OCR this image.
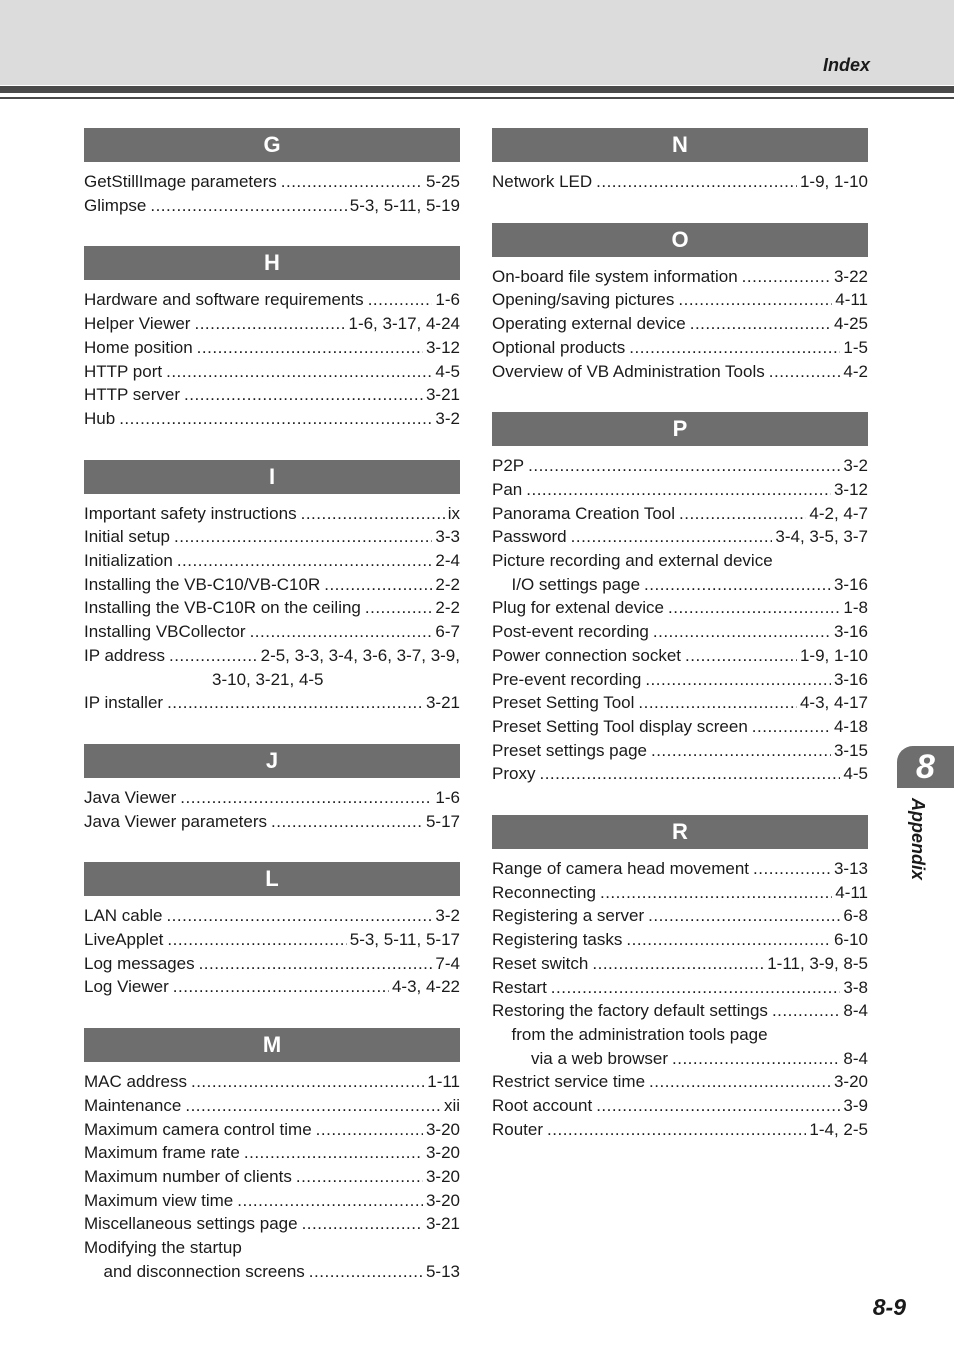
Index
G
GetStillImage parameters .....	5-25
Glimpse .....	5-3, 5-11, 5-19
H
Hardware and software requirements .....	1-6
Helper Viewer .....	1-6, 3-17, 4-24
Home position .....	3-12
HTTP port .....	4-5
HTTP server .....	3-21
Hub .....	3-2
I
Important safety instructions .....	ix
Initial setup .....	3-3
Initialization .....	2-4
Installing the VB-C10/VB-C10R .....	2-2
Installing the VB-C10R on the ceiling .....	2-2
Installing VBCollector .....	6-7
IP address .....	2-5, 3-3, 3-4, 3-6, 3-7, 3-9,
3-10, 3-21, 4-5
IP installer .....	3-21
J
Java Viewer .....	1-6
Java Viewer parameters .....	5-17
L
LAN cable .....	3-2
LiveApplet .....	5-3, 5-11, 5-17
Log messages .....	7-4
Log Viewer .....	4-3, 4-22
M
MAC address .....	1-11
Maintenance .....	xii
Maximum camera control time .....	3-20
Maximum frame rate .....	3-20
Maximum number of clients .....	3-20
Maximum view time .....	3-20
Miscellaneous settings page .....	3-21
Modifying the startup
and disconnection screens .....	5-13
N
Network LED .....	1-9, 1-10
O
On-board file system information .....	3-22
Opening/saving pictures .....	4-11
Operating external device .....	4-25
Optional products .....	1-5
Overview of VB Administration Tools .....	4-2
P
P2P .....	3-2
Pan .....	3-12
Panorama Creation Tool .....	4-2, 4-7
Password .....	3-4, 3-5, 3-7
Picture recording and external device
I/O settings page .....	3-16
Plug for extenal device .....	1-8
Post-event recording .....	3-16
Power connection socket .....	1-9, 1-10
Pre-event recording .....	3-16
Preset Setting Tool .....	4-3, 4-17
Preset Setting Tool display screen .....	4-18
Preset settings page .....	3-15
Proxy .....	4-5
R
Range of camera head movement .....	3-13
Reconnecting .....	4-11
Registering a server .....	6-8
Registering tasks .....	6-10
Reset switch .....	1-11, 3-9, 8-5
Restart .....	3-8
Restoring the factory default settings .....	8-4
from the administration tools page
via a web browser .....	8-4
Restrict service time .....	3-20
Root account .....	3-9
Router .....	1-4, 2-5
8
Appendix
8-9
